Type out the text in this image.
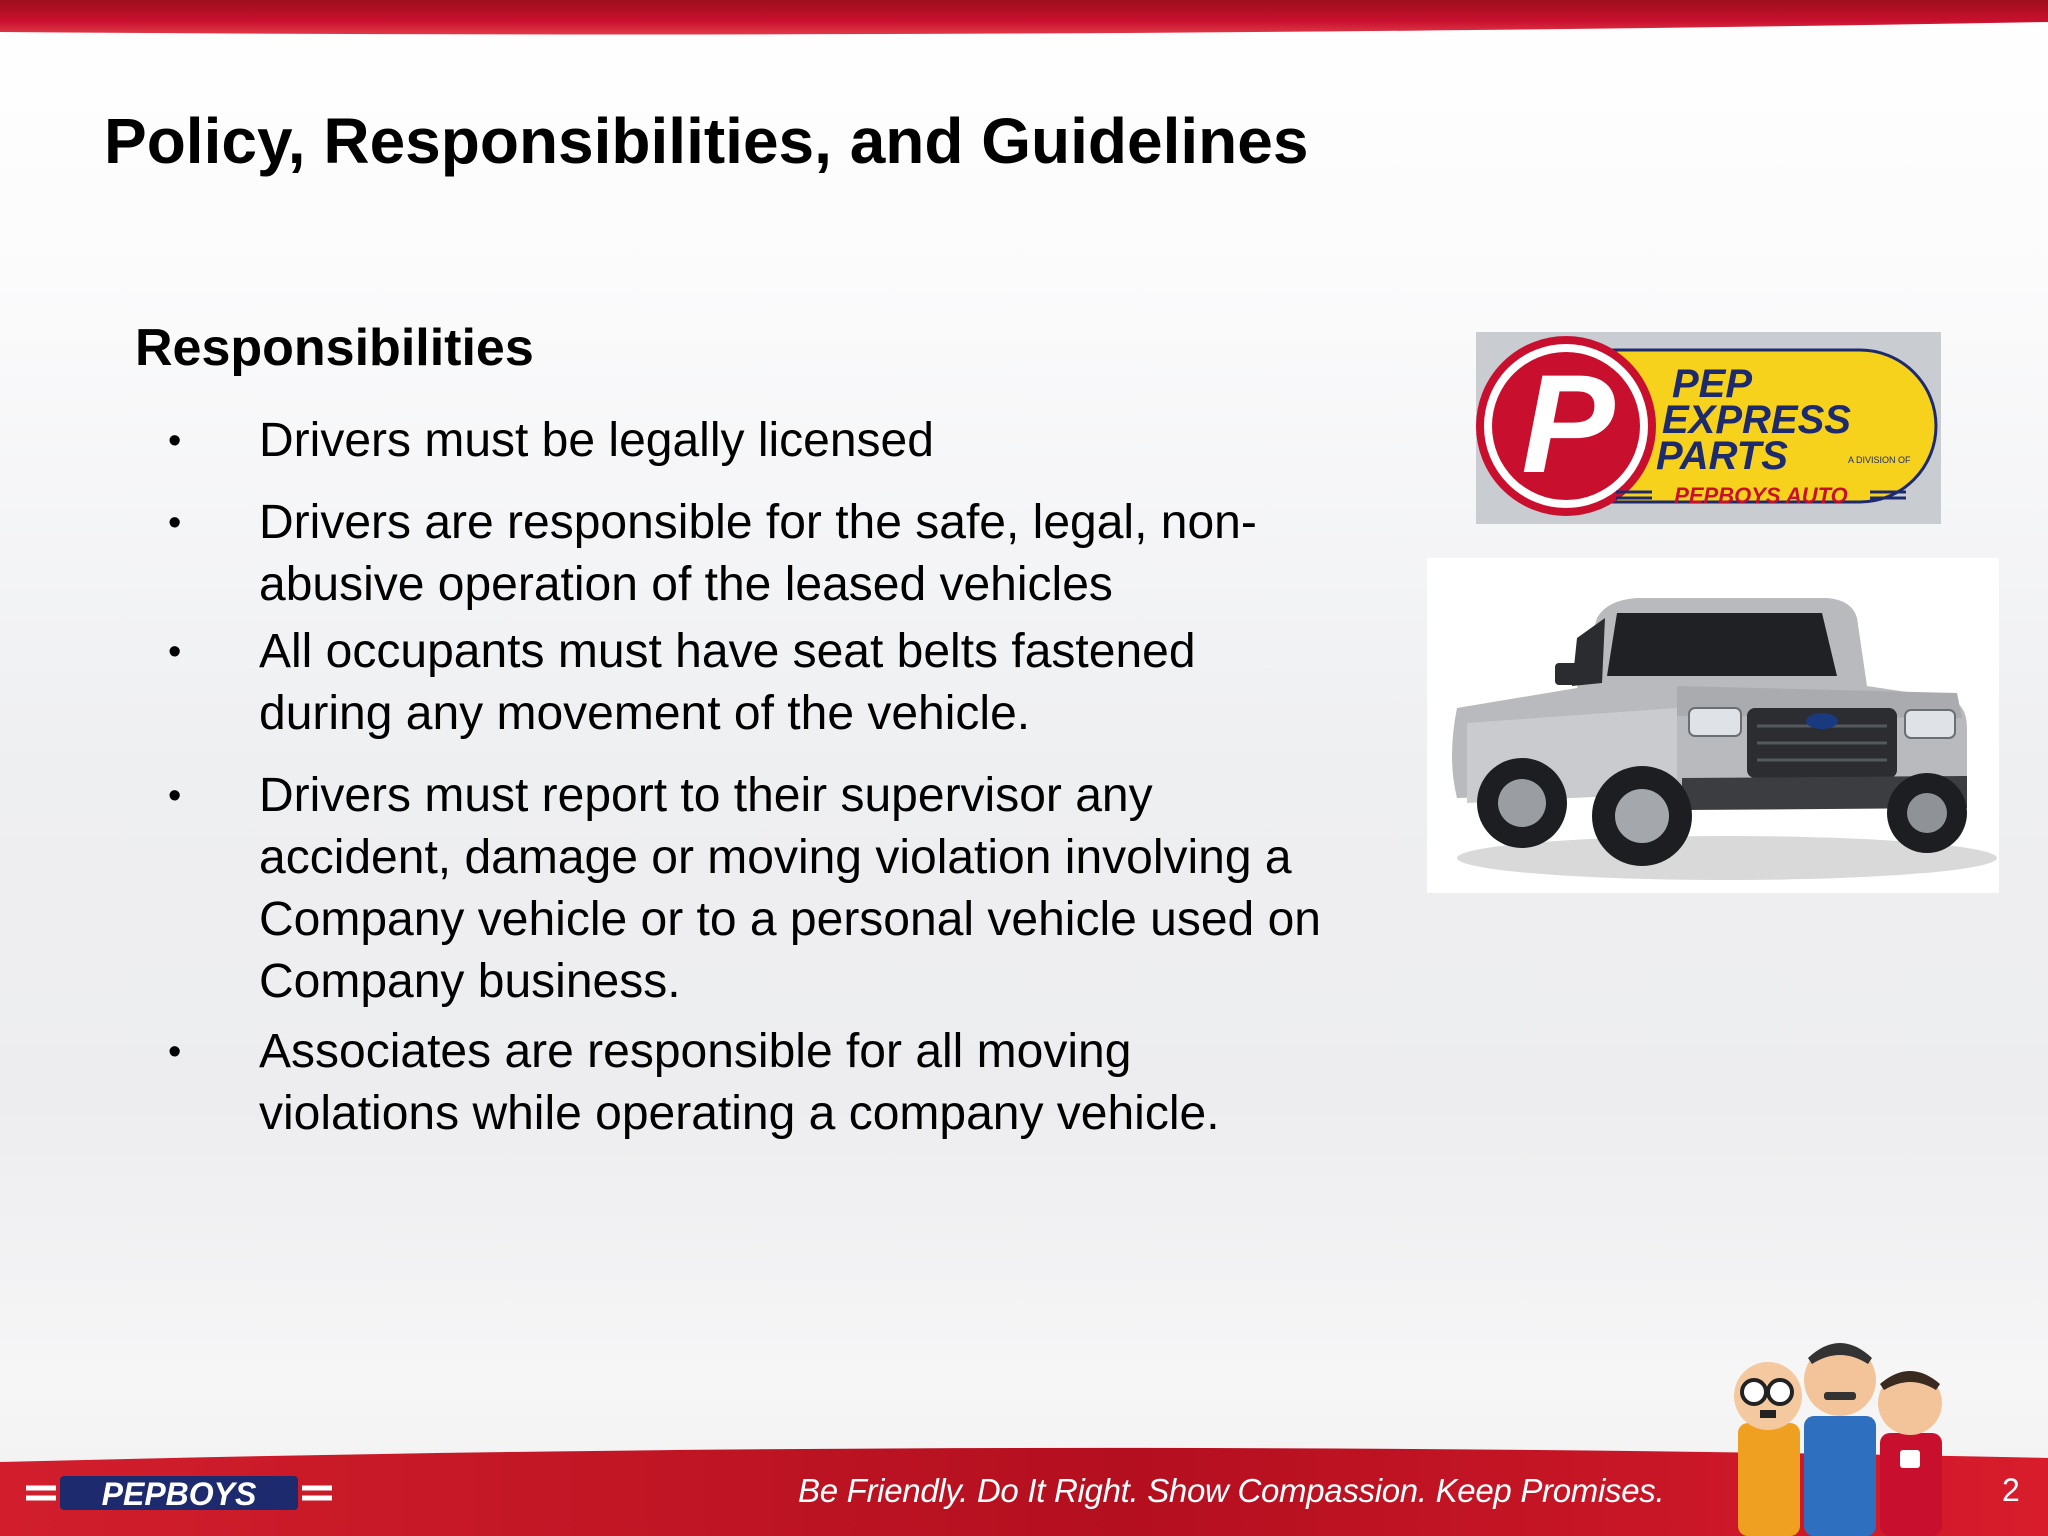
Policy, Responsibilities, and Guidelines
Responsibilities
• Drivers must be legally licensed
• Drivers are responsible for the safe, legal, non-
abusive operation of the leased vehicles
• All occupants must have seat belts fastened
during any movement of the vehicle.
• Drivers must report to their supervisor any
accident, damage or moving violation involving a
Company vehicle or to a personal vehicle used on
Company business.
• Associates are responsible for all moving
violations while operating a company vehicle.
P PEP
EXPRESS
PARTS	A DIVISION OF
PEPBOYS AUTO
PEPBOYS	Be Friendly. Do It Right. Show Compassion. Keep Promises.	2
